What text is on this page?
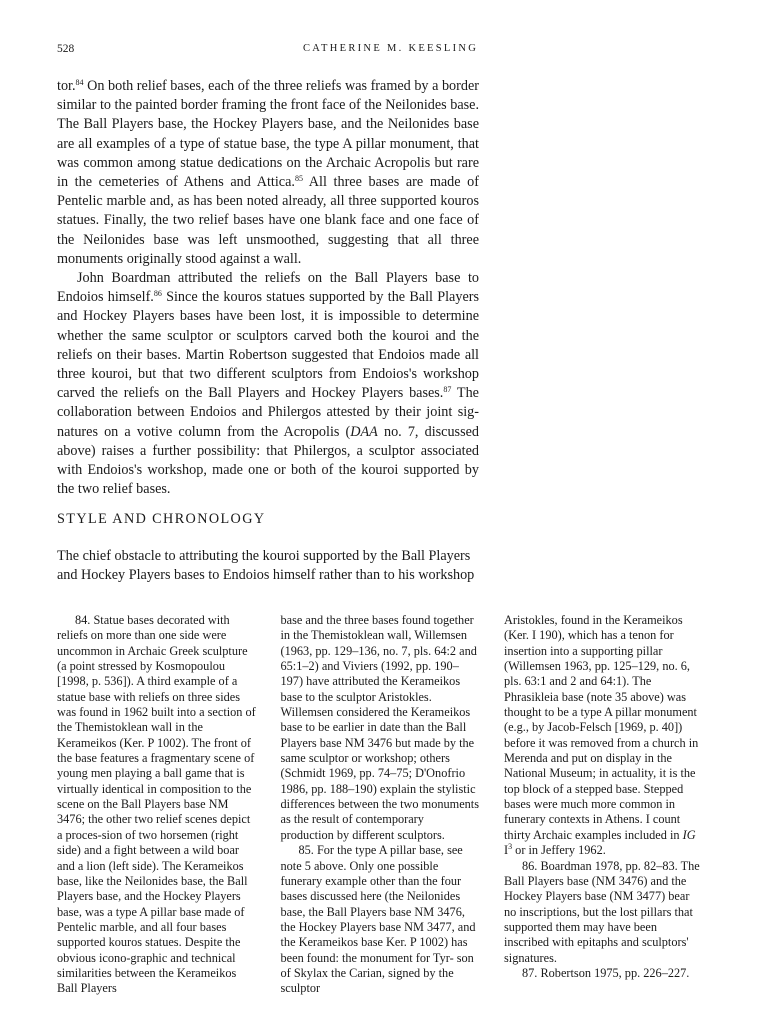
528	CATHERINE M. KEESLING

tor.$^{84}$ On both relief bases, each of the three reliefs was framed by a border similar to the painted border framing the front face of the Neilonides base. The Ball Players base, the Hockey Players base, and the Neilonides base are all examples of a type of statue base, the type A pillar monument, that was common among statue dedications on the Archaic Acropolis but rare in the cemeteries of Athens and Attica.$^{85}$ All three bases are made of Pentelic marble and, as has been noted already, all three supported kouros statues. Finally, the two relief bases have one blank face and one face of the Neilonides base was left unsmoothed, suggesting that all three monuments originally stood against a wall.

John Boardman attributed the reliefs on the Ball Players base to Endoios himself.$^{86}$ Since the kouros statues supported by the Ball Players and Hockey Players bases have been lost, it is impossible to determine whether the same sculptor or sculptors carved both the kouroi and the reliefs on their bases. Martin Robertson suggested that Endoios made all three kouroi, but that two different sculptors from Endoios's workshop carved the reliefs on the Ball Players and Hockey Players bases.$^{87}$ The collaboration between Endoios and Philergos attested by their joint sig-natures on a votive column from the Acropolis (DAA no. 7, discussed above) raises a further possibility: that Philergos, a sculptor associated with Endoios's workshop, made one or both of the kouroi supported by the two relief bases.

STYLE AND CHRONOLOGY

The chief obstacle to attributing the kouroi supported by the Ball Players and Hockey Players bases to Endoios himself rather than to his workshop

84. Statue bases decorated with reliefs on more than one side were uncommon in Archaic Greek sculpture (a point stressed by Kosmopoulou [1998, p. 536]). A third example of a statue base with reliefs on three sides was found in 1962 built into a section of the Themistoklean wall in the Kerameikos (Ker. P 1002). The front of the base features a fragmentary scene of young men playing a ball game that is virtually identical in composition to the scene on the Ball Players base NM 3476; the other two relief scenes depict a proces-sion of two horsemen (right side) and a fight between a wild boar and a lion (left side). The Kerameikos base, like the Neilonides base, the Ball Players base, and the Hockey Players base, was a type A pillar base made of Pentelic marble, and all four bases supported kouros statues. Despite the obvious icono-graphic and technical similarities between the Kerameikos Ball Players

base and the three bases found together in the Themistoklean wall, Willemsen (1963, pp. 129–136, no. 7, pls. 64:2 and 65:1–2) and Viviers (1992, pp. 190–197) have attributed the Kerameikos base to the sculptor Aristokles. Willemsen considered the Kerameikos base to be earlier in date than the Ball Players base NM 3476 but made by the same sculptor or workshop; others (Schmidt 1969, pp. 74–75; D'Onofrio 1986, pp. 188–190) explain the stylistic differences between the two monuments as the result of contemporary production by different sculptors.

85. For the type A pillar base, see note 5 above. Only one possible funerary example other than the four bases discussed here (the Neilonides base, the Ball Players base NM 3476, the Hockey Players base NM 3477, and the Kerameikos base Ker. P 1002) has been found: the monument for Tyr- son of Skylax the Carian, signed by the sculptor

Aristokles, found in the Kerameikos (Ker. I 190), which has a tenon for insertion into a supporting pillar (Willemsen 1963, pp. 125–129, no. 6, pls. 63:1 and 2 and 64:1). The Phrasikleia base (note 35 above) was thought to be a type A pillar monument (e.g., by Jacob-Felsch [1969, p. 40]) before it was removed from a church in Merenda and put on display in the National Museum; in actuality, it is the top block of a stepped base. Stepped bases were much more common in funerary contexts in Athens. I count thirty Archaic examples included in IG $I^3$ or in Jeffery 1962.

86. Boardman 1978, pp. 82–83. The Ball Players base (NM 3476) and the Hockey Players base (NM 3477) bear no inscriptions, but the lost pillars that supported them may have been inscribed with epitaphs and sculptors' signatures.

87. Robertson 1975, pp. 226–227.
